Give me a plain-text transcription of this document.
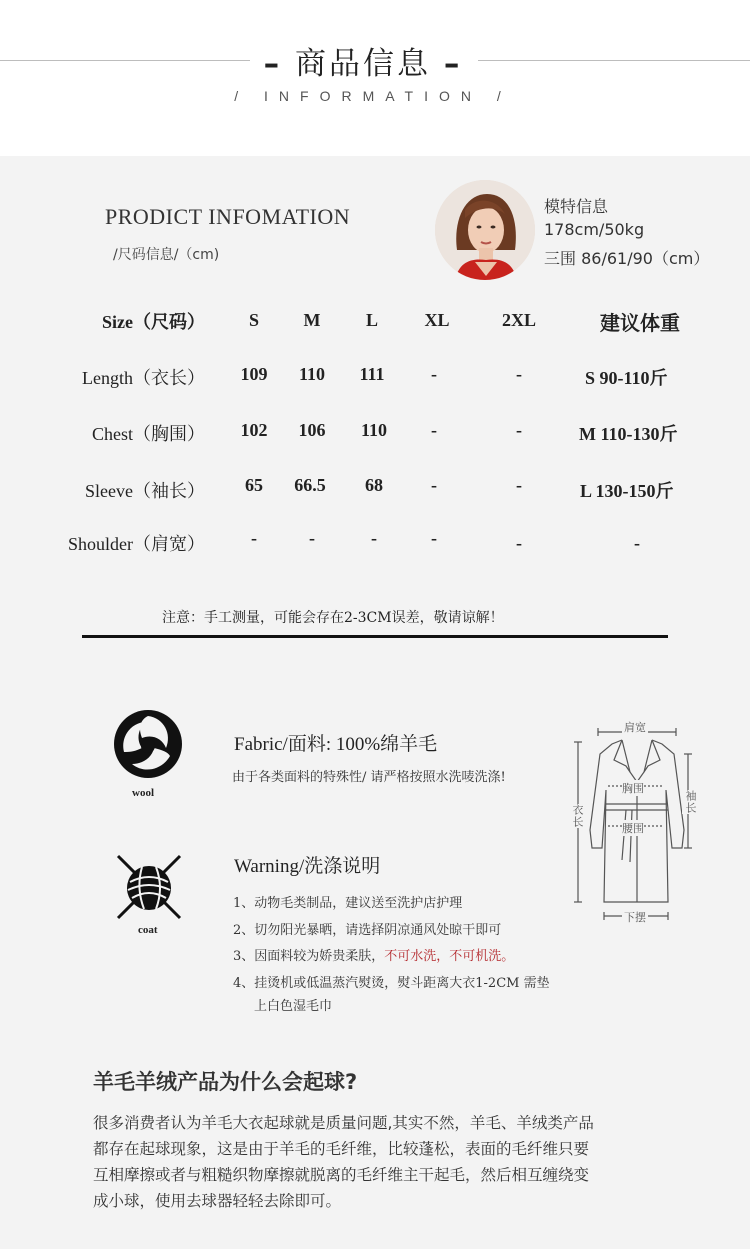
– 商品信息 –
/ INFORMATION /
PRODICT INFOMATION
/尺码信息/（cm)
模特信息
178cm/50kg
三围 86/61/90（cm）
Size（尺码） S M	L	XL	2XL	建议体重
Length（衣长） 109 110 111	-	-	S 90-110斤
Chest（胸围） 102 106 110 -	-	M 110-130斤
Sleeve（袖长） 65 66.5 68	-	-	L 130-150斤
Shoulder（肩宽）	-	-	-	-	-	-
注意：手工测量，可能会存在2-3CM误差，敬请谅解！
wool
Fabric/面料: 100%绵羊毛
由于各类面料的特殊性/ 请严格按照水洗唛洗涤!
coat
Warning/洗涤说明
1、动物毛类制品，建议送至洗护店护理
2、切勿阳光暴晒，请选择阴凉通风处晾干即可
3、因面料较为娇贵柔肤，不可水洗，不可机洗。
4、挂烫机或低温蒸汽熨烫，熨斗距离大衣1-2CM 需垫
上白色湿毛巾
肩宽
胸围
腰围
衣长
袖长
下摆
羊毛羊绒产品为什么会起球?
很多消费者认为羊毛大衣起球就是质量问题,其实不然，羊毛、羊绒类产品
都存在起球现象，这是由于羊毛的毛纤维，比较蓬松，表面的毛纤维只要
互相摩擦或者与粗糙织物摩擦就脱离的毛纤维主干起毛，然后相互缠绕变
成小球，使用去球器轻轻去除即可。
